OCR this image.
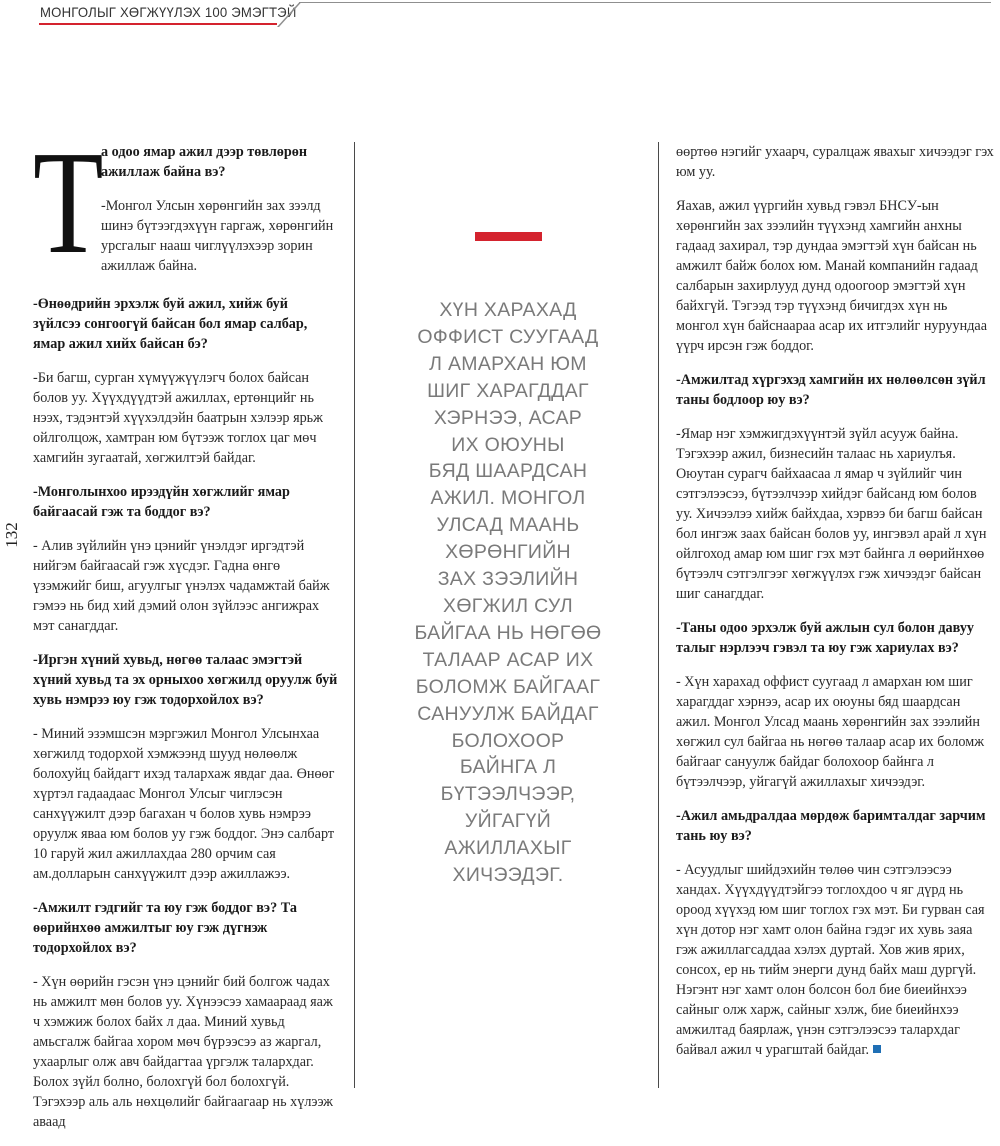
МОНГОЛЫГ ХӨГЖҮҮЛЭХ 100 ЭМЭГТЭЙ
132
Т

а одоо ямар ажил дээр төвлөрөн ажиллаж байна вэ?

-Монгол Улсын хөрөнгийн зах зээлд шинэ бүтээгдэхүүн гаргаж, хөрөнгийн урсгалыг нааш чиглүүлэхээр зорин ажиллаж байна.

-Өнөөдрийн эрхэлж буй ажил, хийж буй зүйлсээ сонгоогүй байсан бол ямар салбар, ямар ажил хийх байсан бэ?

-Би багш, сурган хүмүүжүүлэгч болох байсан болов уу. Хүүхдүүдтэй ажиллах, ертөнцийг нь нээх, тэдэнтэй хүүхэлдэйн баатрын хэлээр ярьж ойлголцож, хамтран юм бүтээж тоглох цаг мөч хамгийн зугаатай, хөгжилтэй байдаг.

-Монголынхоо ирээдүйн хөгжлийг ямар байгаасай гэж та боддог вэ?

- Алив зүйлийн үнэ цэнийг үнэлдэг иргэдтэй нийгэм байгаасай гэж хүсдэг. Гадна өнгө үзэмжийг биш, агуулгыг үнэлэх чадамжтай байж гэмээ нь бид хий дэмий олон зүйлээс ангижрах мэт санагддаг.

-Иргэн хүний хувьд, нөгөө талаас эмэгтэй хүний хувьд та эх орныхоо хөгжилд оруулж буй хувь нэмрээ юу гэж тодорхойлох вэ?

- Миний эзэмшсэн мэргэжил Монгол Улсынхаа хөгжилд тодорхой хэмжээнд шууд нөлөөлж болохуйц байдагт ихэд талархаж явдаг даа. Өнөөг хүртэл гадаадаас Монгол Улсыг чиглэсэн санхүүжилт дээр багахан ч болов хувь нэмрээ оруулж яваа юм болов уу гэж боддог. Энэ салбарт 10 гаруй жил ажиллахдаа 280 орчим сая ам.долларын санхүүжилт дээр ажиллажээ.

-Амжилт гэдгийг та юу гэж боддог вэ? Та өөрийнхөө амжилтыг юу гэж дүгнэж тодорхойлох вэ?

- Хүн өөрийн гэсэн үнэ цэнийг бий болгож чадах нь амжилт мөн болов уу. Хүнээсээ хамаараад яаж ч хэмжиж болох байх л даа. Миний хувьд амьсгалж байгаа хором мөч бүрээсээ аз жаргал, ухаарлыг олж авч байдагтаа үргэлж талархдаг. Болох зүйл болно, болохгүй бол болохгүй. Тэгэхээр аль аль нөхцөлийг байгаагаар нь хүлээж аваад

ХҮН ХАРАХАД
ОФФИСТ СУУГААД
Л АМАРХАН ЮМ
ШИГ ХАРАГДДАГ
ХЭРНЭЭ, АСАР
ИХ ОЮУНЫ
БЯД ШААРДСАН
АЖИЛ. МОНГОЛ
УЛСАД МААНЬ
ХӨРӨНГИЙН
ЗАХ ЗЭЭЛИЙН
ХӨГЖИЛ СУЛ
БАЙГАА НЬ НӨГӨӨ
ТАЛААР АСАР ИХ
БОЛОМЖ БАЙГААГ
САНУУЛЖ БАЙДАГ
БОЛОХООР
БАЙНГА Л
БҮТЭЭЛЧЭЭР,
УЙГАГҮЙ
АЖИЛЛАХЫГ
ХИЧЭЭДЭГ.

өөртөө нэгийг ухаарч, суралцаж явахыг хичээдэг гэх юм уу.

Яахав, ажил үүргийн хувьд гэвэл БНСУ-ын хөрөнгийн зах зээлийн түүхэнд хамгийн анхны гадаад захирал, тэр дундаа эмэгтэй хүн байсан нь амжилт байж болох юм. Манай компанийн гадаад салбарын захирлууд дунд одоогоор эмэгтэй хүн байхгүй. Тэгээд тэр түүхэнд бичигдэх хүн нь монгол хүн байснаараа асар их итгэлийг нуруундаа үүрч ирсэн гэж боддог.

-Амжилтад хүргэхэд хамгийн их нөлөөлсөн зүйл таны бодлоор юу вэ?

-Ямар нэг хэмжигдэхүүнтэй зүйл асууж байна. Тэгэхээр ажил, бизнесийн талаас нь хариулъя. Оюутан сурагч байхаасаа л ямар ч зүйлийг чин сэтгэлээсээ, бүтээлчээр хийдэг байсанд юм болов уу. Хичээлээ хийж байхдаа, хэрвээ би багш байсан бол ингэж заах байсан болов уу, ингэвэл арай л хүн ойлгоход амар юм шиг гэх мэт байнга л өөрийнхөө бүтээлч сэтгэлгээг хөгжүүлэх гэж хичээдэг байсан шиг санагддаг.

-Таны одоо эрхэлж буй ажлын сул болон давуу талыг нэрлээч гэвэл та юу гэж хариулах вэ?

- Хүн харахад оффист суугаад л амархан юм шиг харагддаг хэрнээ, асар их оюуны бяд шаардсан ажил. Монгол Улсад маань хөрөнгийн зах зээлийн хөгжил сул байгаа нь нөгөө талаар асар их боломж байгааг сануулж байдаг болохоор байнга л бүтээлчээр, уйгагүй ажиллахыг хичээдэг.

-Ажил амьдралдаа мөрдөж баримталдаг зарчим тань юу вэ?

- Асуудлыг шийдэхийн төлөө чин сэтгэлээсээ хандах. Хүүхдүүдтэйгээ тоглохдоо ч яг дүрд нь ороод хүүхэд юм шиг тоглох гэх мэт. Би гурван сая хүн дотор нэг хамт олон байна гэдэг их хувь заяа гэж ажиллагсаддаа хэлэх дуртай. Хов жив ярих, сонсох, ер нь тийм энерги дунд байх маш дургүй. Нэгэнт нэг хамт олон болсон бол бие биеийнхээ сайныг олж харж, сайныг хэлж, бие биеийнхээ амжилтад баярлаж, үнэн сэтгэлээсээ талархдаг байвал ажил ч урагштай байдаг.
